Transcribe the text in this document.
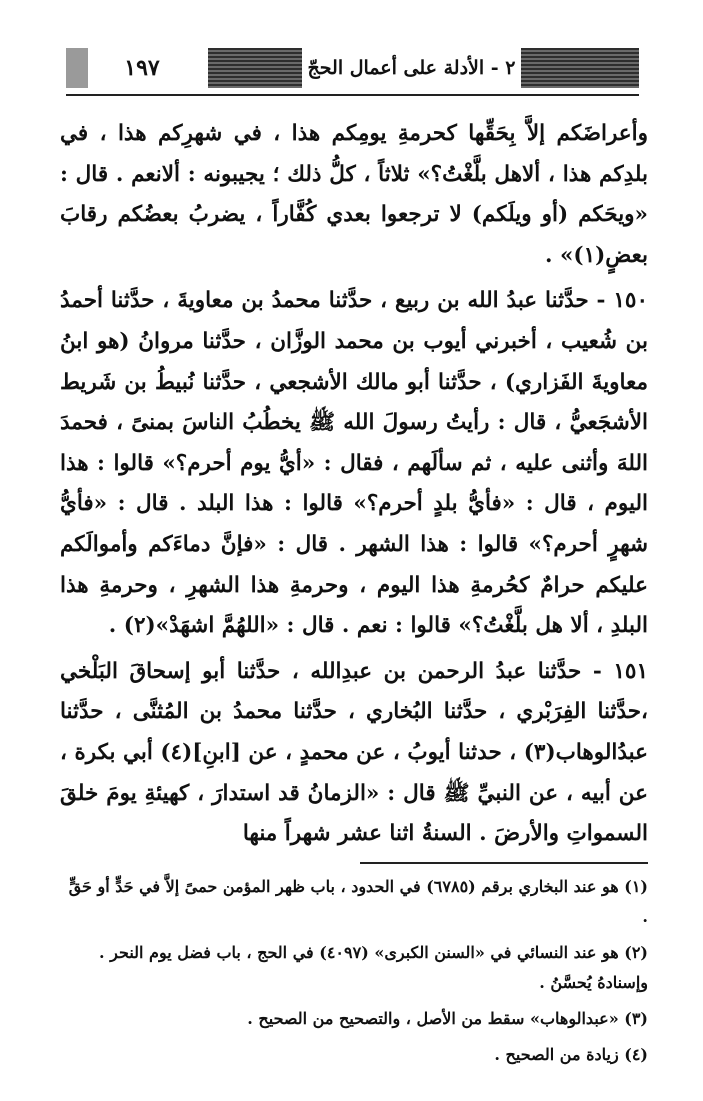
٢ - الأدلة على أعمال الحجّ
١٩٧

وأعراضَكم إلاَّ بِحَقِّها كحرمةِ يومِكم هذا ، في شهرِكم هذا ، في بلدِكم هذا ، ألاهل بلَّغْتُ؟» ثلاثاً ، كلُّ ذلك ؛ يجيبونه : ألانعم . قال : «ويحَكم (أو ويلَكم) لا ترجعوا بعدي كُفَّاراً ، يضربُ بعضُكم رقابَ بعضٍ(١)» .

١٥٠ - حدَّثنا عبدُ الله بن ربيع ، حدَّثنا محمدُ بن معاويةَ ، حدَّثنا أحمدُ بن شُعيب ، أخبرني أيوب بن محمد الوزَّان ، حدَّثنا مروانُ (هو ابنُ معاويةَ الفَزاري) ، حدَّثنا أبو مالك الأشجعي ، حدَّثنا نُبيطُ بن شَريط الأشجَعيُّ ، قال : رأيتُ رسولَ الله ﷺ يخطُبُ الناسَ بمنىً ، فحمدَ اللهَ وأثنى عليه ، ثم سألَهم ، فقال : «أيُّ يوم أحرم؟» قالوا : هذا اليوم ، قال : «فأيُّ بلدٍ أحرم؟» قالوا : هذا البلد . قال : «فأيُّ شهرٍ أحرم؟» قالوا : هذا الشهر . قال : «فإنَّ دماءَكم وأموالَكم عليكم حرامٌ كحُرمةِ هذا اليوم ، وحرمةِ هذا الشهرِ ، وحرمةِ هذا البلدِ ، ألا هل بلَّغْتُ؟» قالوا : نعم . قال : «اللهُمَّ اشهَدْ»(٢) .

١٥١ - حدَّثنا عبدُ الرحمن بن عبدِالله ، حدَّثنا أبو إسحاقَ البَلْخي ،حدَّثنا الفِرَبْري ، حدَّثنا البُخاري ، حدَّثنا محمدُ بن المُثنَّى ، حدَّثنا عبدُالوهاب(٣) ، حدثنا أيوبُ ، عن محمدٍ ، عن [ابنِ](٤) أبي بكرة ، عن أبيه ، عن النبيِّ ﷺ قال : «الزمانُ قد استدارَ ، كهيئةِ يومَ خلقَ السمواتِ والأرضَ . السنةُ اثنا عشر شهراً منها

(١) هو عند البخاري برقم (٦٧٨٥) في الحدود ، باب ظهر المؤمن حمىً إلاَّ في حَدٍّ أو حَقٍّ .

(٢) هو عند النسائي في «السنن الكبرى» (٤٠٩٧) في الحج ، باب فضل يوم النحر . وإسنادهُ يُحسَّنُ .

(٣) «عبدالوهاب» سقط من الأصل ، والتصحيح من الصحيح .

(٤) زيادة من الصحيح .
